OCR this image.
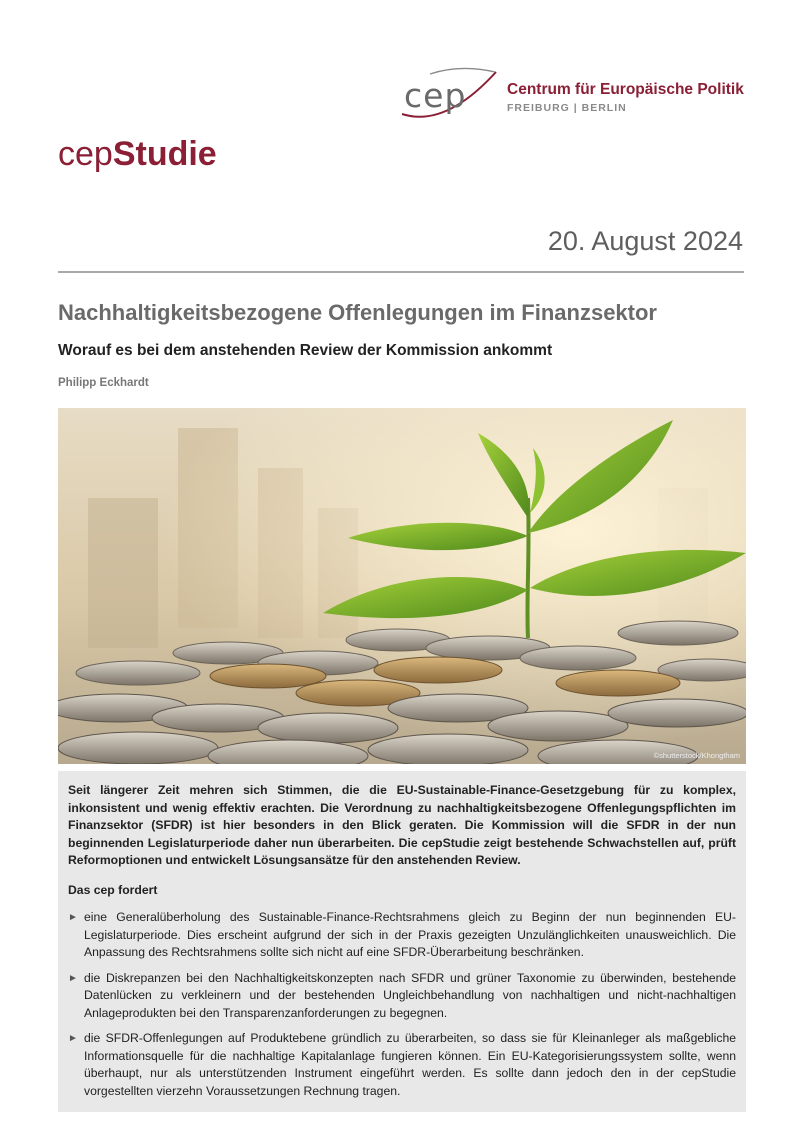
cep	Centrum für Europäische Politik
FREIBURG | BERLIN
cepStudie
20. August 2024
Nachhaltigkeitsbezogene Offenlegungen im Finanzsektor
Worauf es bei dem anstehenden Review der Kommission ankommt
Philipp Eckhardt
©shutterstock/Khongtham

Seit längerer Zeit mehren sich Stimmen, die die EU-Sustainable-Finance-Gesetzgebung für zu komplex, inkonsistent und wenig effektiv erachten. Die Verordnung zu nachhaltigkeitsbezogene Offenlegungspflichten im Finanzsektor (SFDR) ist hier besonders in den Blick geraten. Die Kommission will die SFDR in der nun beginnenden Legislaturperiode daher nun überarbeiten. Die cepStudie zeigt bestehende Schwachstellen auf, prüft Reformoptionen und entwickelt Lösungsansätze für den anstehenden Review.

Das cep fordert
► eine Generalüberholung des Sustainable-Finance-Rechtsrahmens gleich zu Beginn der nun beginnenden EU-Legislaturperiode. Dies erscheint aufgrund der sich in der Praxis gezeigten Unzulänglichkeiten unausweichlich. Die Anpassung des Rechtsrahmens sollte sich nicht auf eine SFDR-Überarbeitung beschränken.
► die Diskrepanzen bei den Nachhaltigkeitskonzepten nach SFDR und grüner Taxonomie zu überwinden, bestehende Datenlücken zu verkleinern und der bestehenden Ungleichbehandlung von nachhaltigen und nicht-nachhaltigen Anlageprodukten bei den Transparenzanforderungen zu begegnen.
► die SFDR-Offenlegungen auf Produktebene gründlich zu überarbeiten, so dass sie für Kleinanleger als maßgebliche Informationsquelle für die nachhaltige Kapitalanlage fungieren können. Ein EU-Kategorisierungssystem sollte, wenn überhaupt, nur als unterstützenden Instrument eingeführt werden. Es sollte dann jedoch den in der cepStudie vorgestellten vierzehn Voraussetzungen Rechnung tragen.
